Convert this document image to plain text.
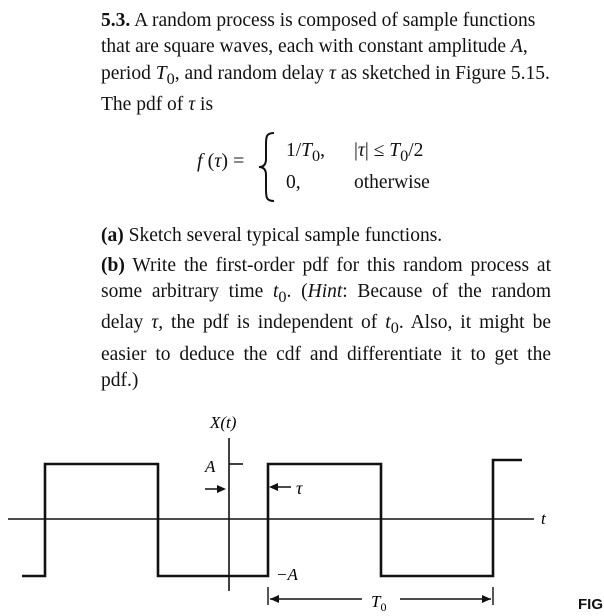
5.3. A random process is composed of sample functions that are square waves, each with constant amplitude A, period $T_0$, and random delay τ as sketched in Figure 5.15. The pdf of τ is

f $(\tau) = 1/T_0$, $|\tau| \le T_0/2$
0,	otherwise

(a) Sketch several typical sample functions.

(b) Write the first-order pdf for this random process at some arbitrary time $t_0$. (Hint: Because of the random delay τ, the pdf is independent of $t_0$. Also, it might be easier to deduce the cdf and differentiate it to get the pdf.)

X(t)
t
A
−A
τ
$T_0$	FIG
